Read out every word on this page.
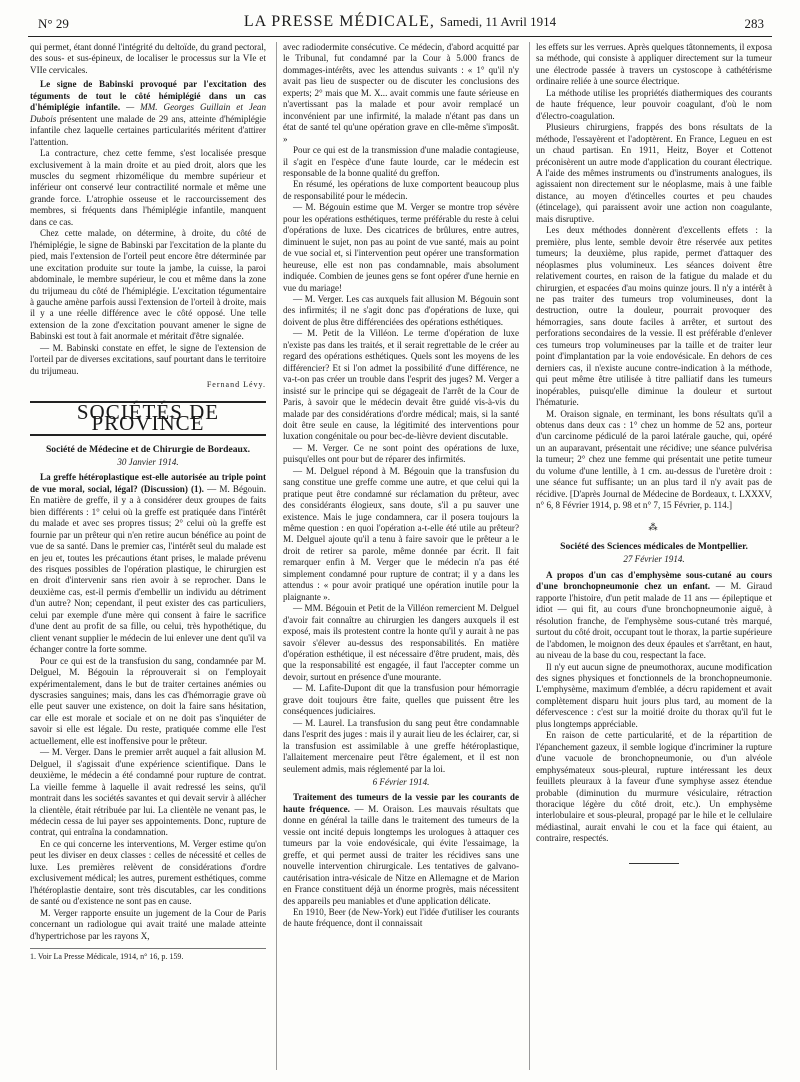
N° 29	LA PRESSE MÉDICALE, Samedi, 11 Avril 1914	283

qui permet, étant donné l'intégrité du deltoïde, du grand pectoral, des sous- et sus-épineux, de localiser le processus sur la VIe et VIIe cervicales.

Le signe de Babinski provoqué par l'excitation des téguments de tout le côté hémiplégié dans un cas d'hémiplégie infantile. — MM. Georges Guillain et Jean Dubois présentent une malade de 29 ans, atteinte d'hémiplégie infantile chez laquelle certaines particularités méritent d'attirer l'attention.

La contracture, chez cette femme, s'est localisée presque exclusivement à la main droite et au pied droit, alors que les muscles du segment rhizomélique du membre supérieur et inférieur ont conservé leur contractilité normale et même une grande force. L'atrophie osseuse et le raccourcissement des membres, si fréquents dans l'hémiplégie infantile, manquent dans ce cas.

Chez cette malade, on détermine, à droite, du côté de l'hémiplégie, le signe de Babinski par l'excitation de la plante du pied, mais l'extension de l'orteil peut encore être déterminée par une excitation produite sur toute la jambe, la cuisse, la paroi abdominale, le membre supérieur, le cou et même dans la zone du trijumeau du côté de l'hémiplégie. L'excitation tégumentaire à gauche amène parfois aussi l'extension de l'orteil à droite, mais il y a une réelle différence avec le côté opposé. Une telle extension de la zone d'excitation pouvant amener le signe de Babinski est tout à fait anormale et méritait d'être signalée.

— M. Babinski constate en effet, le signe de l'extension de l'orteil par de diverses excitations, sauf pourtant dans le territoire du trijumeau.

Fernand Lévy.
SOCIÉTÉS DE PROVINCE
Société de Médecine et de Chirurgie de Bordeaux.
30 Janvier 1914.

La greffe hétéroplastique est-elle autorisée au triple point de vue moral, social, légal? (Discussion) (1). — M. Bégouin. En matière de greffe, il y a à considérer deux groupes de faits bien différents : 1° celui où la greffe est pratiquée dans l'intérêt du malade et avec ses propres tissus; 2° celui où la greffe est fournie par un prêteur qui n'en retire aucun bénéfice au point de vue de sa santé. Dans le premier cas, l'intérêt seul du malade est en jeu et, toutes les précautions étant prises, le malade prévenu des risques possibles de l'opération plastique, le chirurgien est en droit d'intervenir sans rien avoir à se reprocher. Dans le deuxième cas, est-il permis d'embellir un individu au détriment d'un autre? Non; cependant, il peut exister des cas particuliers, celui par exemple d'une mère qui consent à faire le sacrifice d'une dent au profit de sa fille, ou celui, très hypothétique, du client venant supplier le médecin de lui enlever une dent qu'il va échanger contre la forte somme.

Pour ce qui est de la transfusion du sang, condamnée par M. Delguel, M. Bégouin la réprouverait si on l'employait expérimentalement, dans le but de traiter certaines anémies ou dyscrasies sanguines; mais, dans les cas d'hémorragie grave où elle peut sauver une existence, on doit la faire sans hésitation, car elle est morale et sociale et on ne doit pas s'inquiéter de savoir si elle est légale. Du reste, pratiquée comme elle l'est actuellement, elle est inoffensive pour le prêteur.

— M. Verger. Dans le premier arrêt auquel a fait allusion M. Delguel, il s'agissait d'une expérience scientifique. Dans le deuxième, le médecin a été condamné pour rupture de contrat. La vieille femme à laquelle il avait redressé les seins, qu'il montrait dans les sociétés savantes et qui devait servir à allécher la clientèle, était rétribuée par lui. La clientèle ne venant pas, le médecin cessa de lui payer ses appointements. Donc, rupture de contrat, qui entraîna la condamnation.

En ce qui concerne les interventions, M. Verger estime qu'on peut les diviser en deux classes : celles de nécessité et celles de luxe. Les premières relèvent de considérations d'ordre exclusivement médical; les autres, purement esthétiques, comme l'hétéroplastie dentaire, sont très discutables, car les conditions de santé ou d'existence ne sont pas en cause.

M. Verger rapporte ensuite un jugement de la Cour de Paris concernant un radiologue qui avait traité une malade atteinte d'hypertrichose par les rayons X,

1. Voir La Presse Médicale, 1914, n° 16, p. 159.

avec radiodermite consécutive. Ce médecin, d'abord acquitté par le Tribunal, fut condamné par la Cour à 5.000 francs de dommages-intérêts, avec les attendus suivants : « 1° qu'il n'y avait pas lieu de suspecter ou de discuter les conclusions des experts; 2° mais que M. X... avait commis une faute sérieuse en n'avertissant pas la malade et pour avoir remplacé un inconvénient par une infirmité, la malade n'étant pas dans un état de santé tel qu'une opération grave en clle-même s'imposât. »

Pour ce qui est de la transmission d'une maladie contagieuse, il s'agit en l'espèce d'une faute lourde, car le médecin est responsable de la bonne qualité du greffon.

En résumé, les opérations de luxe comportent beaucoup plus de responsabilité pour le médecin.

— M. Bégouin estime que M. Verger se montre trop sévère pour les opérations esthétiques, terme préférable du reste à celui d'opérations de luxe. Des cicatrices de brûlures, entre autres, diminuent le sujet, non pas au point de vue santé, mais au point de vue social et, si l'intervention peut opérer une transformation heureuse, elle est non pas condamnable, mais absolument indiquée. Combien de jeunes gens se font opérer d'une hernie en vue du mariage!

— M. Verger. Les cas auxquels fait allusion M. Bégouin sont des infirmités; il ne s'agit donc pas d'opérations de luxe, qui doivent de plus être différenciées des opérations esthétiques.

— M. Petit de la Villéon. Le terme d'opération de luxe n'existe pas dans les traités, et il serait regrettable de le créer au regard des opérations esthétiques. Quels sont les moyens de les différencier? Et si l'on admet la possibilité d'une différence, ne va-t-on pas créer un trouble dans l'esprit des juges? M. Verger a insisté sur le principe qui se dégageait de l'arrêt de la Cour de Paris, à savoir que le médecin devait être guidé vis-à-vis du malade par des considérations d'ordre médical; mais, si la santé doit être seule en cause, la légitimité des interventions pour luxation congénitale ou pour bec-de-lièvre devient discutable.

— M. Verger. Ce ne sont point des opérations de luxe, puisqu'elles ont pour but de réparer des infirmités.

— M. Delguel répond à M. Bégouin que la transfusion du sang constitue une greffe comme une autre, et que celui qui la pratique peut être condamné sur réclamation du prêteur, avec des considérants élogieux, sans doute, s'il a pu sauver une existence. Mais le juge condamnera, car il posera toujours la même question : en quoi l'opération a-t-elle été utile au prêteur? M. Delguel ajoute qu'il a tenu à faire savoir que le prêteur a le droit de retirer sa parole, même donnée par écrit. Il fait remarquer enfin à M. Verger que le médecin n'a pas été simplement condamné pour rupture de contrat; il y a dans les attendus : « pour avoir pratiqué une opération inutile pour la plaignante ».

— MM. Bégouin et Petit de la Villéon remercient M. Delguel d'avoir fait connaître au chirurgien les dangers auxquels il est exposé, mais ils protestent contre la honte qu'il y aurait à ne pas savoir s'élever au-dessus des responsabilités. En matière d'opération esthétique, il est nécessaire d'être prudent, mais, dès que la responsabilité est engagée, il faut l'accepter comme un devoir, surtout en présence d'une mourante.

— M. Lafite-Dupont dit que la transfusion pour hémorragie grave doit toujours être faite, quelles que puissent être les conséquences judiciaires.

— M. Laurel. La transfusion du sang peut être condamnable dans l'esprit des juges : mais il y aurait lieu de les éclairer, car, si la transfusion est assimilable à une greffe hétéroplastique, l'allaitement mercenaire peut l'être également, et il est non seulement admis, mais réglementé par la loi.

6 Février 1914.

Traitement des tumeurs de la vessie par les courants de haute fréquence. — M. Oraison. Les mauvais résultats que donne en général la taille dans le traitement des tumeurs de la vessie ont incité depuis longtemps les urologues à attaquer ces tumeurs par la voie endovésicale, qui évite l'essaimage, la greffe, et qui permet aussi de traiter les récidives sans une nouvelle intervention chirurgicale. Les tentatives de galvano-cautérisation intra-vésicale de Nitze en Allemagne et de Marion en France constituent déjà un énorme progrès, mais nécessitent des appareils peu maniables et d'une application délicate.

En 1910, Beer (de New-York) eut l'idée d'utiliser les courants de haute fréquence, dont il connaissait

les effets sur les verrues. Après quelques tâtonnements, il exposa sa méthode, qui consiste à appliquer directement sur la tumeur une électrode passée à travers un cystoscope à cathétérisme ordinaire reliée à une source électrique.

La méthode utilise les propriétés diathermiques des courants de haute fréquence, leur pouvoir coagulant, d'où le nom d'électro-coagulation.

Plusieurs chirurgiens, frappés des bons résultats de la méthode, l'essayèrent et l'adoptèrent. En France, Legueu en est un chaud partisan. En 1911, Heitz, Boyer et Cottenot préconisèrent un autre mode d'application du courant électrique. A l'aide des mêmes instruments ou d'instruments analogues, ils agissaient non directement sur le néoplasme, mais à une faible distance, au moyen d'étincelles courtes et peu chaudes (étincelage), qui paraissent avoir une action non coagulante, mais disruptive.

Les deux méthodes donnèrent d'excellents effets : la première, plus lente, semble devoir être réservée aux petites tumeurs; la deuxième, plus rapide, permet d'attaquer des néoplasmes plus volumineux. Les séances doivent être relativement courtes, en raison de la fatigue du malade et du chirurgien, et espacées d'au moins quinze jours. Il n'y a intérêt à ne pas traiter des tumeurs trop volumineuses, dont la destruction, outre la douleur, pourrait provoquer des hémorragies, sans doute faciles à arrêter, et surtout des perforations secondaires de la vessie. Il est préférable d'enlever ces tumeurs trop volumineuses par la taille et de traiter leur point d'implantation par la voie endovésicale. En dehors de ces derniers cas, il n'existe aucune contre-indication à la méthode, qui peut même être utilisée à titre palliatif dans les tumeurs inopérables, puisqu'elle diminue la douleur et surtout l'hématurie.

M. Oraison signale, en terminant, les bons résultats qu'il a obtenus dans deux cas : 1° chez un homme de 52 ans, porteur d'un carcinome pédiculé de la paroi latérale gauche, qui, opéré un an auparavant, présentait une récidive; une séance pulvérisa la tumeur; 2° chez une femme qui présentait une petite tumeur du volume d'une lentille, à 1 cm. au-dessus de l'uretère droit : une séance fut suffisante; un an plus tard il n'y avait pas de récidive. [D'après Journal de Médecine de Bordeaux, t. LXXXV, n° 6, 8 Février 1914, p. 98 et n° 7, 15 Février, p. 114.]

⁂
Société des Sciences médicales de Montpellier.
27 Février 1914.

A propos d'un cas d'emphysème sous-cutané au cours d'une bronchopneumonie chez un enfant. — M. Giraud rapporte l'histoire, d'un petit malade de 11 ans — épileptique et idiot — qui fit, au cours d'une bronchopneumonie aiguë, à résolution franche, de l'emphysème sous-cutané très marqué, surtout du côté droit, occupant tout le thorax, la partie supérieure de l'abdomen, le moignon des deux épaules et s'arrêtant, en haut, au niveau de la base du cou, respectant la face.

Il n'y eut aucun signe de pneumothorax, aucune modification des signes physiques et fonctionnels de la bronchopneumonie. L'emphysème, maximum d'emblée, a décru rapidement et avait complètement disparu huit jours plus tard, au moment de la défervescence : c'est sur la moitié droite du thorax qu'il fut le plus longtemps appréciable.

En raison de cette particularité, et de la répartition de l'épanchement gazeux, il semble logique d'incriminer la rupture d'une vacuole de bronchopneumonie, ou d'un alvéole emphysémateux sous-pleural, rupture intéressant les deux feuillets pleuraux à la faveur d'une symphyse assez étendue probable (diminution du murmure vésiculaire, rétraction thoracique légère du côté droit, etc.). Un emphysème interlobulaire et sous-pleural, propagé par le hile et le cellulaire médiastinal, aurait envahi le cou et la face qui étaient, au contraire, respectés.
